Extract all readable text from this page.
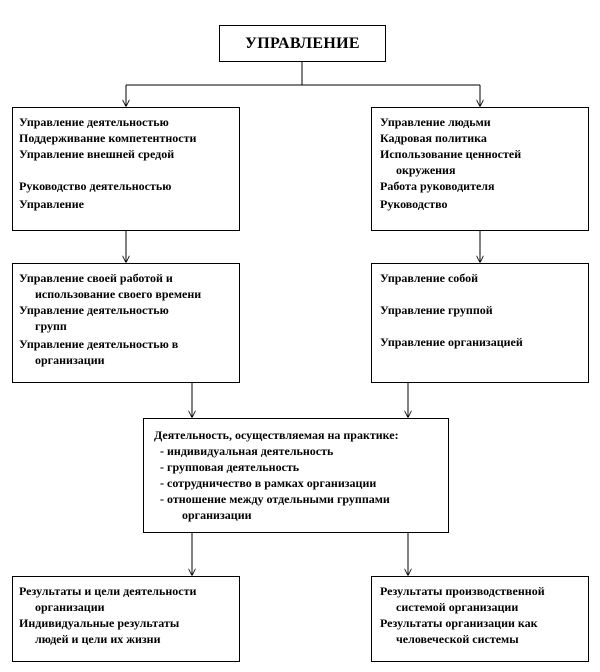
УПРАВЛЕНИЕ
Управление деятельностью
Поддерживание компетентности
Управление внешней средой
Руководство деятельностью
Управление
Управление людьми
Кадровая политика
Использование ценностей
окружения
Работа руководителя
Руководство
Управление своей работой и
использование своего времени
Управление деятельностью
групп
Управление деятельностью в
организации
Управление собой
Управление группой
Управление организацией
Деятельность, осуществляемая на практике:
- индивидуальная деятельность
- групповая деятельность
- сотрудничество в рамках организации
- отношение между отдельными группами
организации
Результаты и цели деятельности
организации
Индивидуальные результаты
людей и цели их жизни
Результаты производственной
системой организации
Результаты организации как
человеческой системы
